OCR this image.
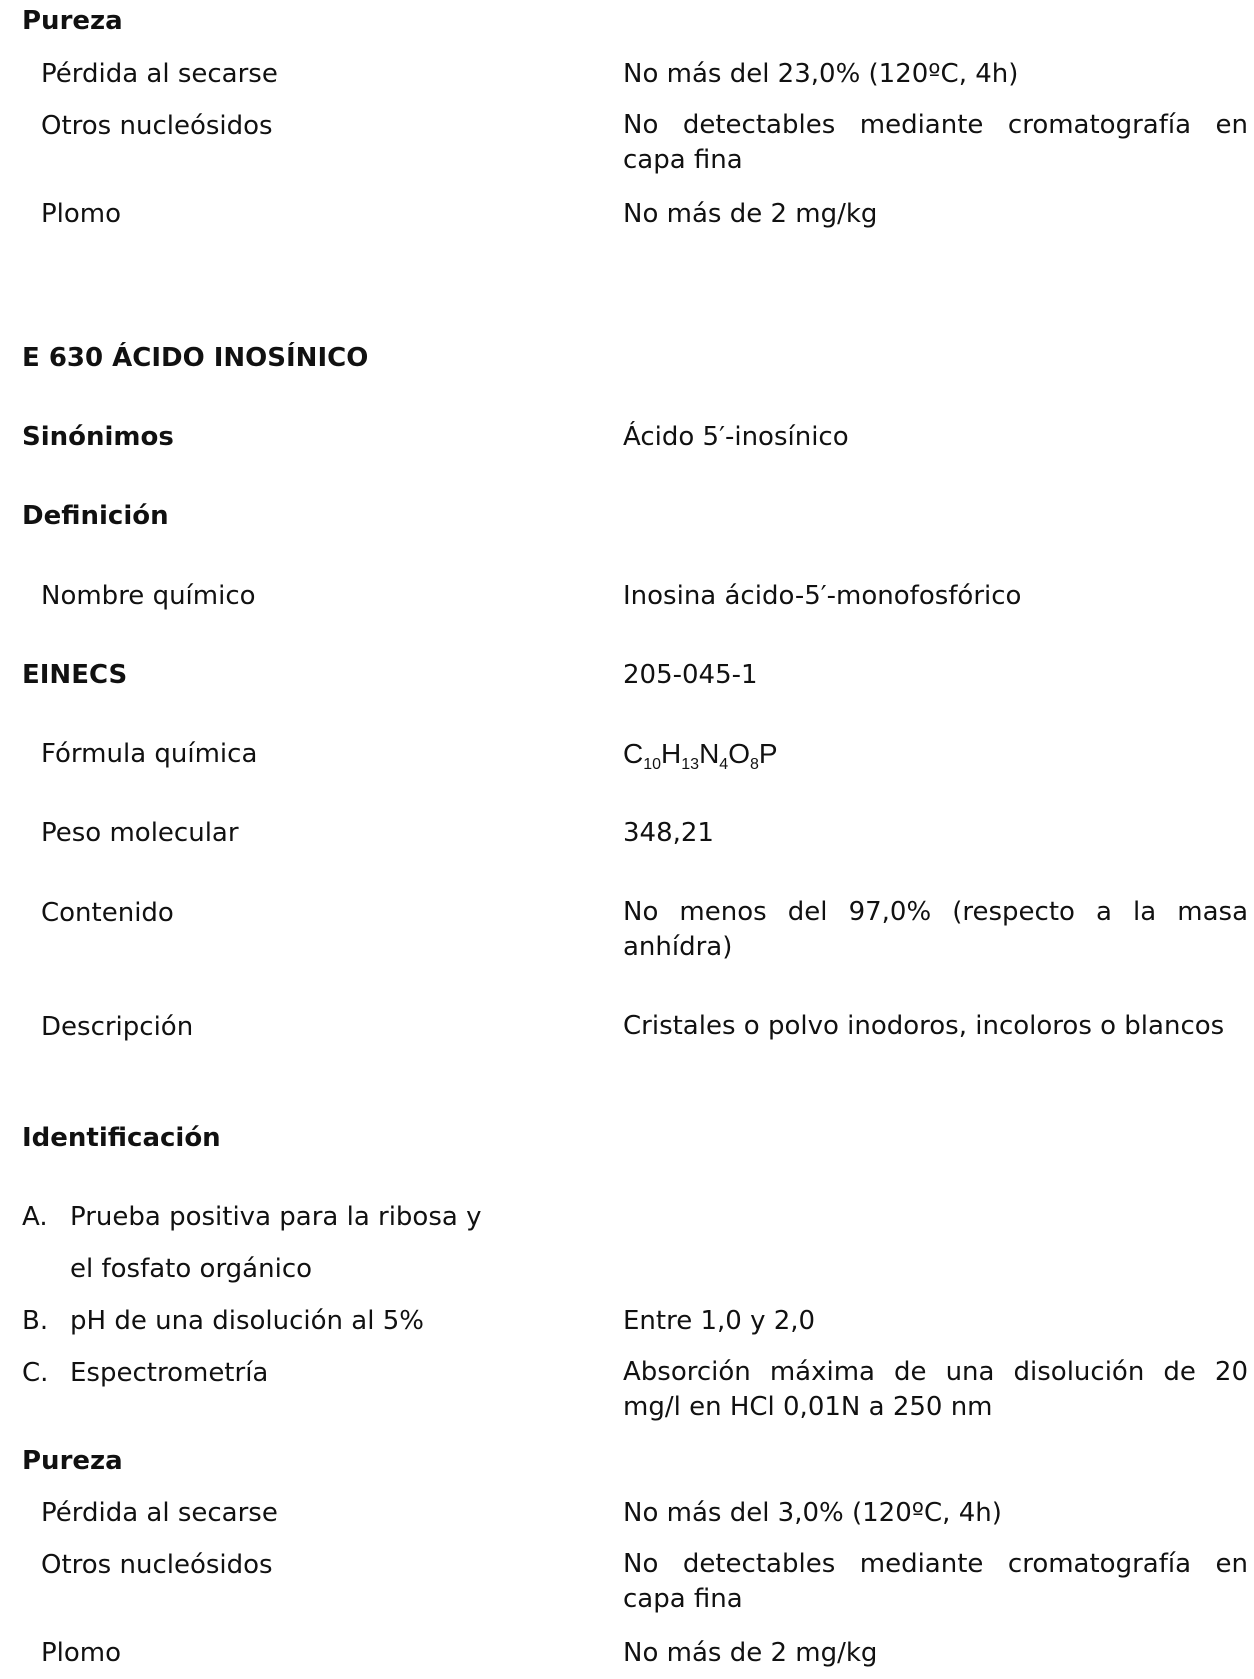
Pureza
Pérdida al secarse	No más del 23,0% (120ºC, 4h)
Otros nucleósidos	No detectables mediante cromatografía en capa fina
Plomo	No más de 2 mg/kg
E 630 ÁCIDO INOSÍNICO
Sinónimos	Ácido 5′-inosínico
Definición
Nombre químico	Inosina ácido-5′-monofosfórico
EINECS	205-045-1
Fórmula química	$C_{10}H_{13}N_4O_8P$
Peso molecular	348,21
Contenido	No menos del 97,0% (respecto a la masa anhídra)
Descripción	Cristales o polvo inodoros, incoloros o blancos
Identificación
A. Prueba positiva para la ribosa y
el fosfato orgánico
B. pH de una disolución al 5%	Entre 1,0 y 2,0
C. Espectrometría	Absorción máxima de una disolución de 20 mg/l en HCl 0,01N a 250 nm
Pureza
Pérdida al secarse	No más del 3,0% (120ºC, 4h)
Otros nucleósidos	No detectables mediante cromatografía en capa fina
Plomo	No más de 2 mg/kg
